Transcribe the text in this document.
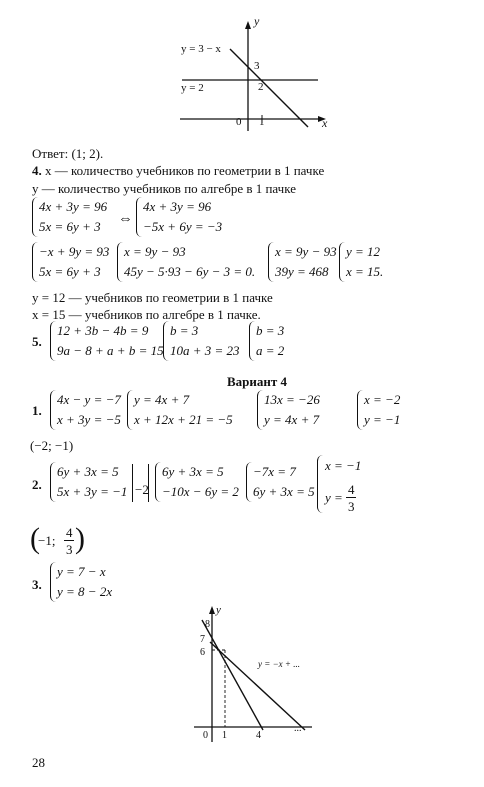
y = 3 − x
y = 2
3
2
0 1	x
y
Ответ: (1; 2).
4. x — количество учебников по геометрии в 1 пачке
y — количество учебников по алгебре в 1 пачке
4x + 3y = 96
5x = 6y + 3	⇔
4x + 3y = 96
−5x + 6y = −3
−x + 9y = 93
5x = 6y + 3
x = 9y − 93
45y − 5·93 − 6y − 3 = 0.
x = 9y − 93
39y = 468
y = 12
x = 15.
y = 12 — учебников по геометрии в 1 пачке
x = 15 — учебников по алгебре в 1 пачке.
5.
12 + 3b − 4b = 9
9a − 8 + a + b = 15
b = 3
10a + 3 = 23
b = 3
a = 2
Вариант 4
1.
4x − y = −7
x + 3y = −5
y = 4x + 7
x + 12x + 21 = −5
13x = −26
y = 4x + 7
x = −2
y = −1
(−2; −1)
2.
6y + 3x = 5
5x + 3y = −1 −2
6y + 3x = 5
−10x − 6y = 2
−7x = 7
6y + 3x = 5
x = −1
y =
4
3
(
−1;
4
3 )
3.
y = 7 − x
y = 8 − 2x
y
8
7
6
y = −x + ...
0 1	4
...
28
